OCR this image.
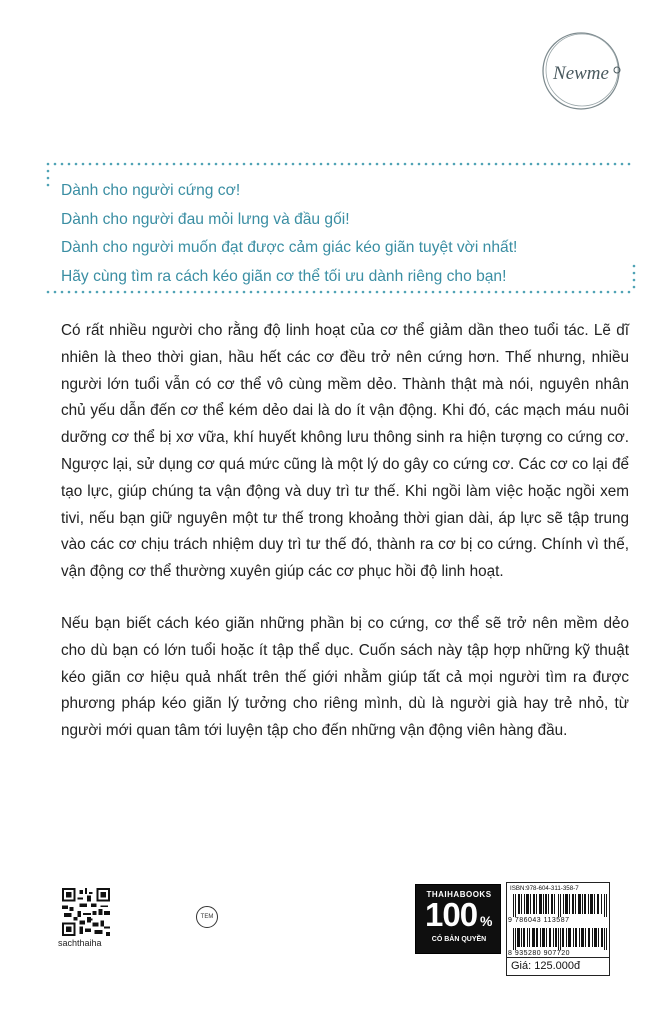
Newme
Dành cho người cứng cơ!
Dành cho người đau mỏi lưng và đầu gối!
Dành cho người muốn đạt được cảm giác kéo giãn tuyệt vời nhất!
Hãy cùng tìm ra cách kéo giãn cơ thể tối ưu dành riêng cho bạn!

Có rất nhiều người cho rằng độ linh hoạt của cơ thể giảm dần theo tuổi tác. Lẽ dĩ nhiên là theo thời gian, hầu hết các cơ đều trở nên cứng hơn. Thế nhưng, nhiều người lớn tuổi vẫn có cơ thể vô cùng mềm dẻo. Thành thật mà nói, nguyên nhân chủ yếu dẫn đến cơ thể kém dẻo dai là do ít vận động. Khi đó, các mạch máu nuôi dưỡng cơ thể bị xơ vữa, khí huyết không lưu thông sinh ra hiện tượng co cứng cơ. Ngược lại, sử dụng cơ quá mức cũng là một lý do gây co cứng cơ. Các cơ co lại để tạo lực, giúp chúng ta vận động và duy trì tư thế. Khi ngồi làm việc hoặc ngồi xem tivi, nếu bạn giữ nguyên một tư thế trong khoảng thời gian dài, áp lực sẽ tập trung vào các cơ chịu trách nhiệm duy trì tư thế đó, thành ra cơ bị co cứng. Chính vì thế, vận động cơ thể thường xuyên giúp các cơ phục hồi độ linh hoạt.

Nếu bạn biết cách kéo giãn những phần bị co cứng, cơ thể sẽ trở nên mềm dẻo cho dù bạn có lớn tuổi hoặc ít tập thể dục. Cuốn sách này tập hợp những kỹ thuật kéo giãn cơ hiệu quả nhất trên thế giới nhằm giúp tất cả mọi người tìm ra được phương pháp kéo giãn lý tưởng cho riêng mình, dù là người già hay trẻ nhỏ, từ người mới quan tâm tới luyện tập cho đến những vận động viên hàng đầu.

sachthaiha
TEM
THAIHABOOKS
100 %
CÓ BẢN QUYỀN
ISBN:978-604-311-358-7
9 786043 113587
8 935280 907720
Giá: 125.000đ
